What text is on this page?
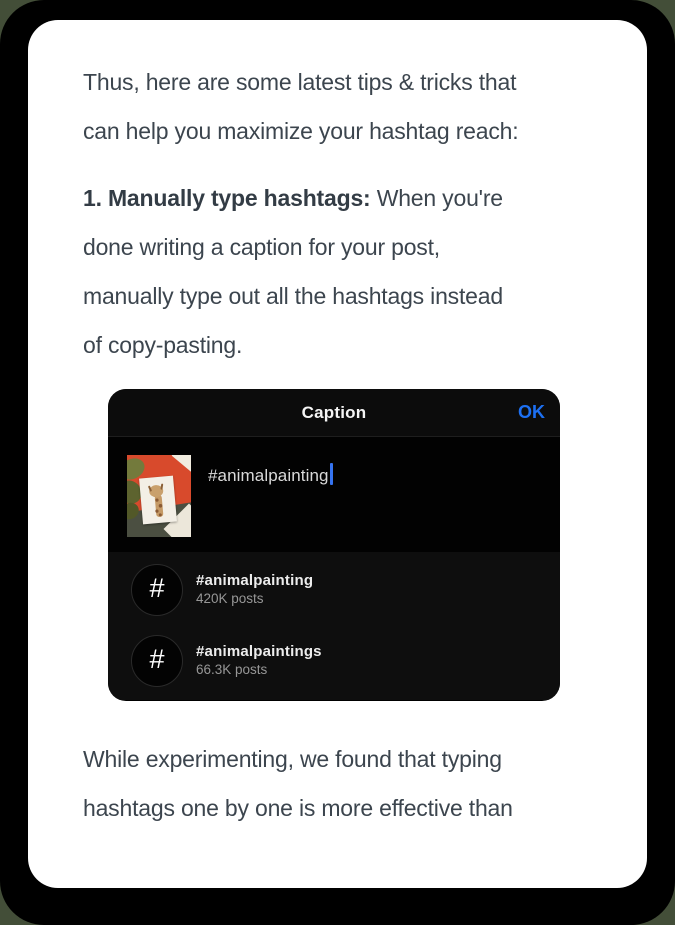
Thus, here are some latest tips & tricks that
can help you maximize your hashtag reach:

1. Manually type hashtags: When you're
done writing a caption for your post,
manually type out all the hashtags instead
of copy-pasting.

Caption	OK
#animalpainting
# #animalpainting
420K posts
# #animalpaintings
66.3K posts

While experimenting, we found that typing
hashtags one by one is more effective than
